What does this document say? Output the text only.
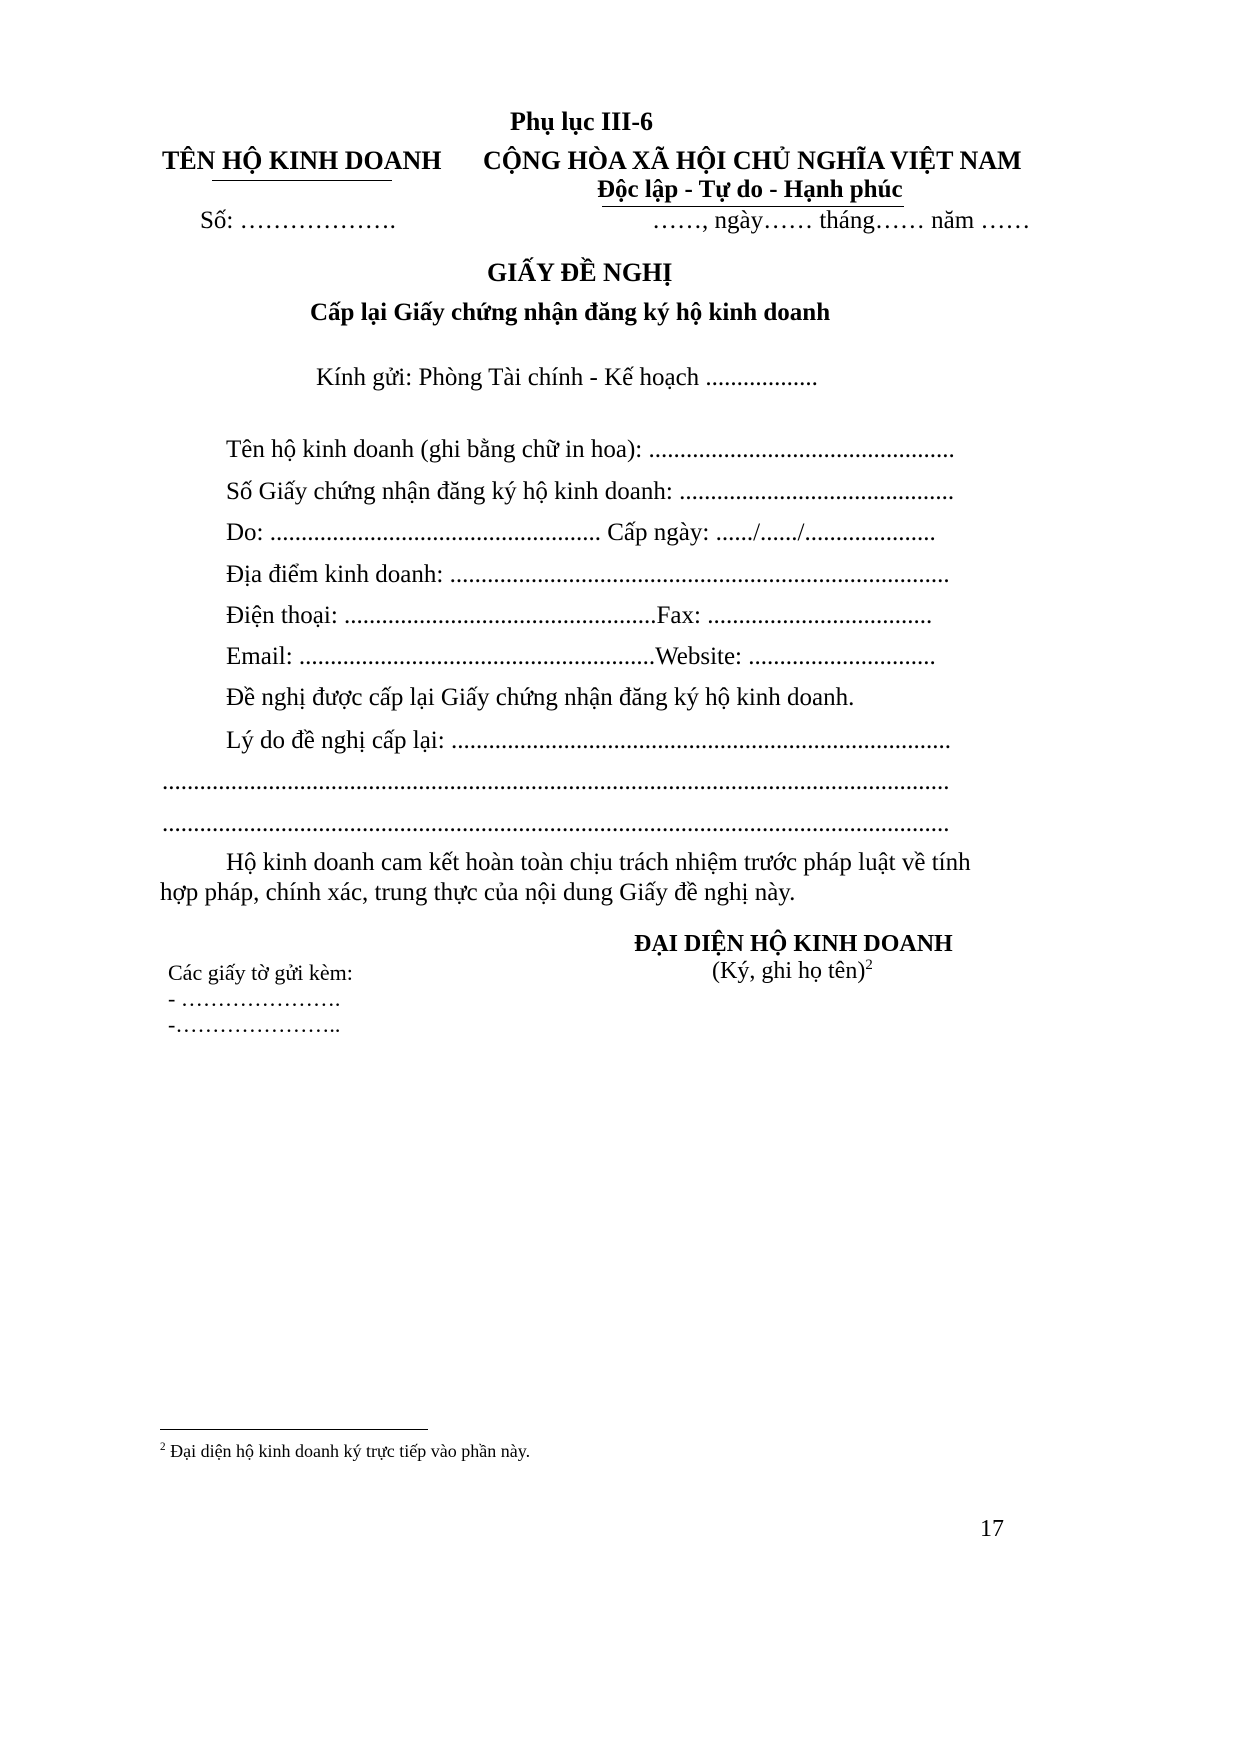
Phụ lục III-6
TÊN HỘ KINH DOANH CỘNG HÒA XÃ HỘI CHỦ NGHĨA VIỆT NAM
Độc lập - Tự do - Hạnh phúc
Số: ……………….	……, ngày…… tháng…… năm ……
GIẤY ĐỀ NGHỊ
Cấp lại Giấy chứng nhận đăng ký hộ kinh doanh
Kính gửi: Phòng Tài chính - Kế hoạch ..................
Tên hộ kinh doanh (ghi bằng chữ in hoa): .................................................
Số Giấy chứng nhận đăng ký hộ kinh doanh: ............................................
Do: ..................................................... Cấp ngày: ....../....../.....................
Địa điểm kinh doanh: ................................................................................
Điện thoại: ..................................................Fax: ....................................
Email: .........................................................Website: ..............................
Đề nghị được cấp lại Giấy chứng nhận đăng ký hộ kinh doanh.
Lý do đề nghị cấp lại: ................................................................................
..............................................................................................................................
..............................................................................................................................
Hộ kinh doanh cam kết hoàn toàn chịu trách nhiệm trước pháp luật về tính
hợp pháp, chính xác, trung thực của nội dung Giấy đề nghị này.
ĐẠI DIỆN HỘ KINH DOANH
(Ký, ghi họ tên)$^2$
Các giấy tờ gửi kèm:
- ………………….
-…………………..
$^2$ Đại diện hộ kinh doanh ký trực tiếp vào phần này.
17
